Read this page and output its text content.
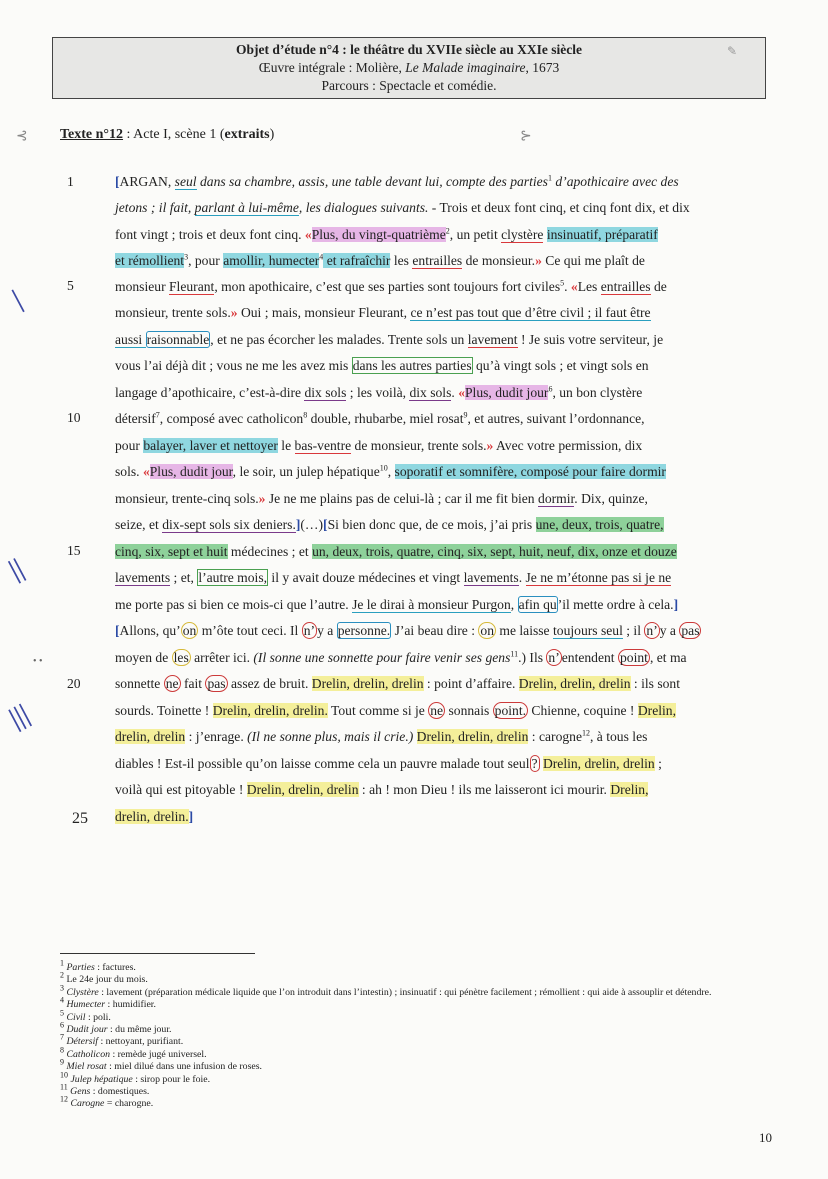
Objet d’étude n°4 : le théâtre du XVIIe siècle au XXIe siècle
Œuvre intégrale : Molière, Le Malade imaginaire, 1673
Parcours : Spectacle et comédie.
✎
⊰	⊱
Texte n°12 : Acte I, scène 1 (extraits)
1
5
10
15
20
25
I
II
III
• •
[ARGAN, seul dans sa chambre, assis, une table devant lui, compte des parties$^1$ d’apothicaire avec des
jetons ; il fait, parlant à lui-même, les dialogues suivants. - Trois et deux font cinq, et cinq font dix, et dix
font vingt ; trois et deux font cinq. «Plus, du vingt-quatrième$^2$, un petit clystère insinuatif, préparatif
et rémollient$^3$, pour amollir, humecter$^4$ et rafraîchir les entrailles de monsieur.» Ce qui me plaît de
monsieur Fleurant, mon apothicaire, c’est que ses parties sont toujours fort civiles$^5$. «Les entrailles de
monsieur, trente sols.» Oui ; mais, monsieur Fleurant, ce n’est pas tout que d’être civil ; il faut être
aussi raisonnable, et ne pas écorcher les malades. Trente sols un lavement ! Je suis votre serviteur, je
vous l’ai déjà dit ; vous ne me les avez mis dans les autres parties qu’à vingt sols ; et vingt sols en
langage d’apothicaire, c’est-à-dire dix sols ; les voilà, dix sols. «Plus, dudit jour$^6$, un bon clystère
détersif$^7$, composé avec catholicon$^8$ double, rhubarbe, miel rosat$^9$, et autres, suivant l’ordonnance,
pour balayer, laver et nettoyer le bas-ventre de monsieur, trente sols.» Avec votre permission, dix
sols. «Plus, dudit jour, le soir, un julep hépatique$^{10}$, soporatif et somnifère, composé pour faire dormir
monsieur, trente-cinq sols.» Je ne me plains pas de celui-là ; car il me fit bien dormir. Dix, quinze,
seize, et dix-sept sols six deniers.](…)[Si bien donc que, de ce mois, j’ai pris une, deux, trois, quatre,
cinq, six, sept et huit médecines ; et un, deux, trois, quatre, cinq, six, sept, huit, neuf, dix, onze et douze
lavements ; et, l’autre mois, il y avait douze médecines et vingt lavements. Je ne m’étonne pas si je ne
me porte pas si bien ce mois-ci que l’autre. Je le dirai à monsieur Purgon, afin qu’il mette ordre à cela.]
[Allons, qu’ on m’ôte tout ceci. Il n’ y a personne. J’ai beau dire : on me laisse toujours seul ; il n’ y a pas
moyen de les arrêter ici. (Il sonne une sonnette pour faire venir ses gens$^{11}$.) Ils n’ entendent point , et ma
sonnette ne fait pas assez de bruit. Drelin, drelin, drelin : point d’affaire. Drelin, drelin, drelin : ils sont
sourds. Toinette ! Drelin, drelin, drelin. Tout comme si je ne sonnais point. Chienne, coquine ! Drelin,
drelin, drelin : j’enrage. (Il ne sonne plus, mais il crie.) Drelin, drelin, drelin : carogne$^{12}$, à tous les
diables ! Est-il possible qu’on laisse comme cela un pauvre malade tout seul ? Drelin, drelin, drelin ;
voilà qui est pitoyable ! Drelin, drelin, drelin : ah ! mon Dieu ! ils me laisseront ici mourir. Drelin,
drelin, drelin.]

$^1$ Parties : factures.

$^2$ Le 24e jour du mois.

$^3$ Clystère : lavement (préparation médicale liquide que l’on introduit dans l’intestin) ; insinuatif : qui pénètre facilement ; rémollient : qui aide à assouplir et détendre.

$^4$ Humecter : humidifier.

$^5$ Civil : poli.

$^6$ Dudit jour : du même jour.

$^7$ Détersif : nettoyant, purifiant.

$^8$ Catholicon : remède jugé universel.

$^9$ Miel rosat : miel dilué dans une infusion de roses.

$^{10}$ Julep hépatique : sirop pour le foie.

$^{11}$ Gens : domestiques.

$^{12}$ Carogne = charogne.

10
